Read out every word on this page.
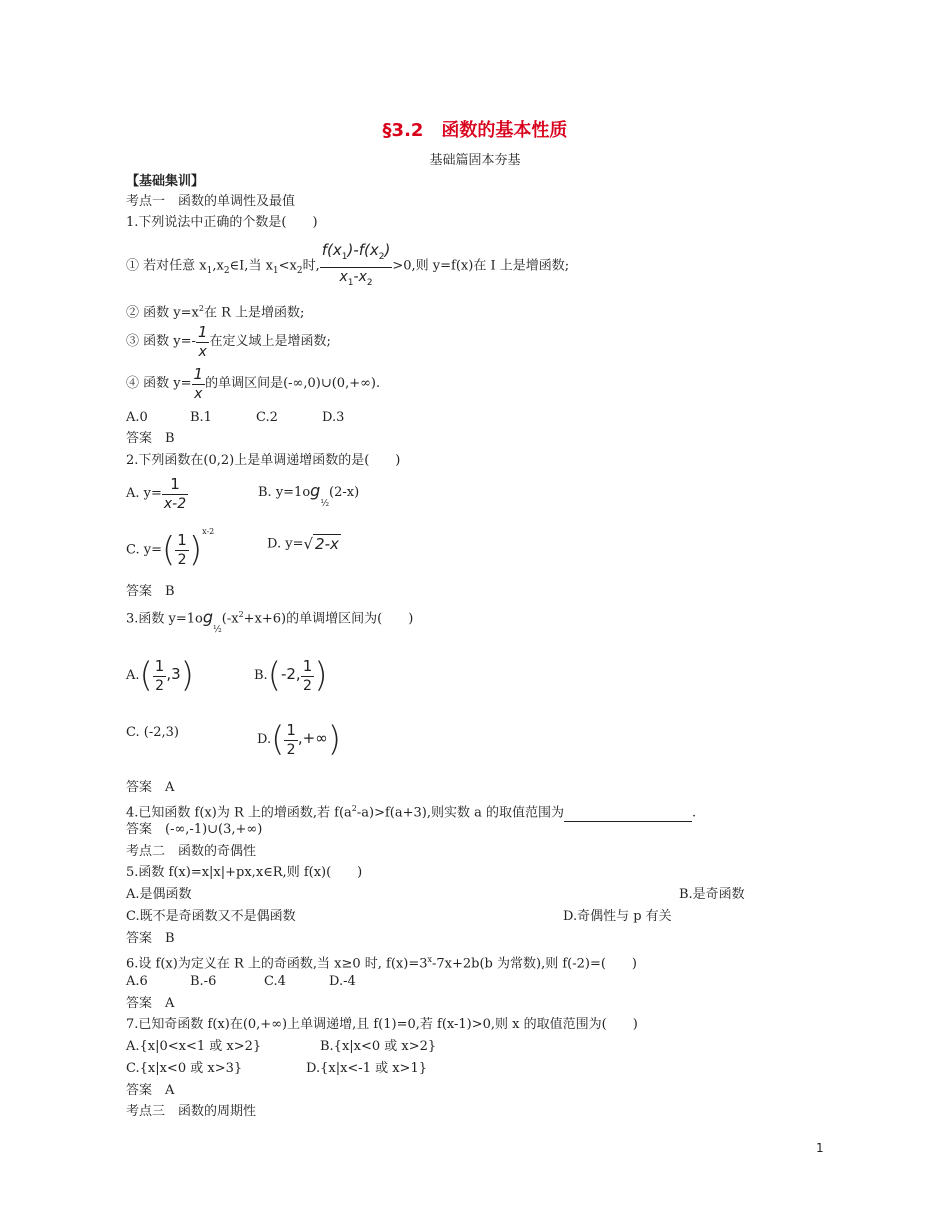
§3.2　函数的基本性质
基础篇固本夯基
【基础集训】
考点一　函数的单调性及最值
1.下列说法中正确的个数是(　　)
① 若对任意 $x_1,x_2\in I$,当 $x_1<x_2$时, $\frac{f(x_1)-f(x_2)}{x_1-x_2} >0$,则 y=f(x)在 I 上是增函数;
② 函数 $y=x^2$在 R 上是增函数;
③ 函数 $y=- \frac{1}{x}$ 在定义域上是增函数;
④ 函数 $y= \frac{1}{x}$ 的单调区间是(-∞,0)∪(0,+∞).
A.0	B.1	C.2	D.3
答案　B
2.下列函数在(0,2)上是单调递增函数的是(　　)
A. $y= \frac{1}{x-2}$	B. $y=1og_{\frac{1}{2}}(2-x)$
C. $y=( \frac{1}{2} )^{x-2}$
D. y=√ 2-x
答案　B
3.函数 $y=1og_{\frac{1}{2}}(-x^2+x+6)$的单调增区间为(　　)
$A.( \frac{1}{2} ,3)$	B.(-2, $\frac{1}{2}$ )
C. (-2,3)	$D.( \frac{1}{2}$ ,+∞)
答案　A
4.已知函数 f(x)为 R 上的增函数,若 $f(a^2-a)>f(a+3)$,则实数 a 的取值范围为	.
答案　(-∞,-1)∪(3,+∞)
考点二　函数的奇偶性
5.函数 f(x)=x|x|+px,x∈R,则 f(x)(　　)
A.是偶函数	B.是奇函数
C.既不是奇函数又不是偶函数	D.奇偶性与 p 有关
答案　B
6.设 f(x)为定义在 R 上的奇函数,当 x≥0 时, $f(x)=3^x-7x+2b(b$ 为常数),则 f(-2)=(　　)
A.6	B.-6	C.4	D.-4
答案　A
7.已知奇函数 f(x)在(0,+∞)上单调递增,且 f(1)=0,若 f(x-1)>0,则 x 的取值范围为(　　)
A.{x|0<x<1 或 x>2}	B.{x|x<0 或 x>2}
C.{x|x<0 或 x>3}	D.{x|x<-1 或 x>1}
答案　A
考点三　函数的周期性
1
